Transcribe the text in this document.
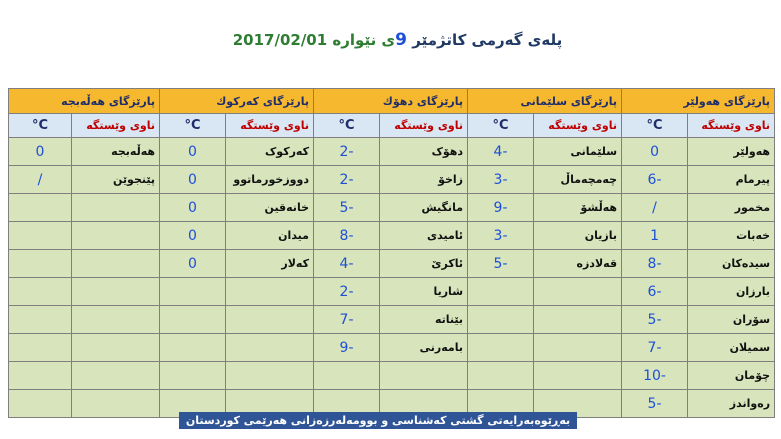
پلەی گەرمی کاتژمێر 9ی نێوارە 2017/02/01
پارێزگای هەولێر		پارێزگای سلێمانی		پارێزگای دهۆك		پارێزگای کەرکوك		پارێزگای هەڵەبجە	
ناوی وێستگە	C°	ناوی وێستگە	C°	ناوی وێستگە	C°	ناوی وێستگە	C°	ناوی وێستگە	C°
هەولێر	0	سلێمانی	-4	دهۆک	-2	کەرکوک	0	هەڵەبجە	0
پیرمام	-6	چەمچەماڵ	-3	زاخۆ	-2	دووزخورماتوو	0	پێنجوێن	/
مخمور	/	هەڵشۆ	-9	مانگیش	-5	خانەقین	0		
خەبات	1	بازیان	-3	ئامیدی	-8	میدان	0		
سیدەکان	-8	قەلادزە	-5	ئاکرێ	-4	کەلار	0		
بارزان	-6			شاریا	-2				
سۆران	-5			بێناتە	-7				
سمیلان	-7			بامەرنی	-9				
چۆمان	-10								
رەواندز	-5								
بەڕێوەبەرایەتی گشتی کەشناسی و بوومەلەرزەزانی هەرێمی کوردستان
